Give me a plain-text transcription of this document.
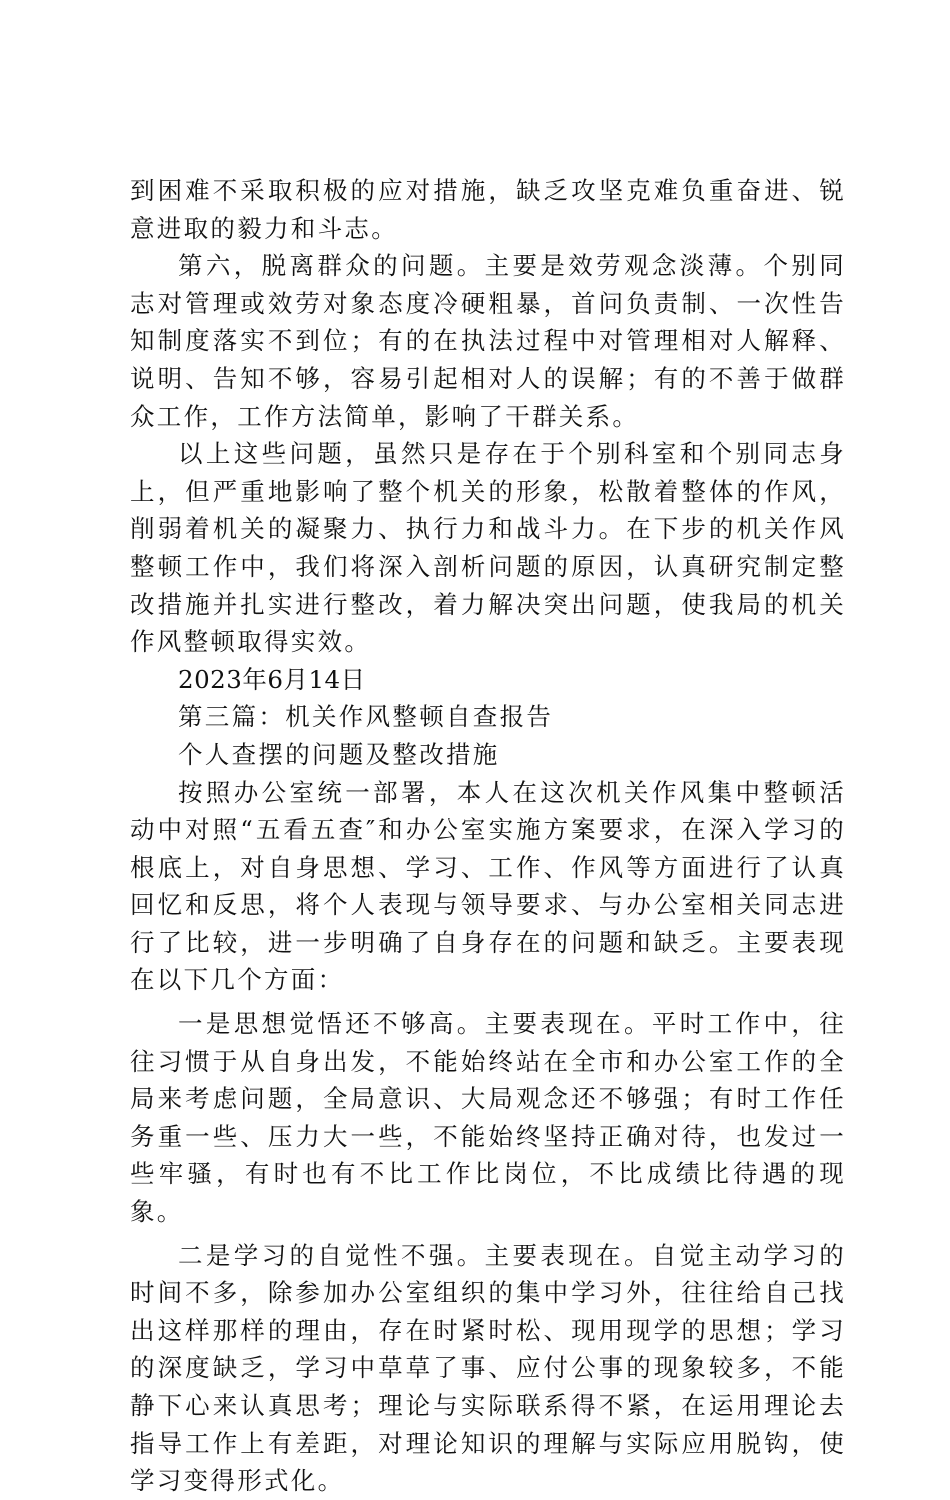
到困难不采取积极的应对措施，缺乏攻坚克难负重奋进、锐意进取的毅力和斗志。

第六，脱离群众的问题。主要是效劳观念淡薄。个别同志对管理或效劳对象态度冷硬粗暴，首问负责制、一次性告知制度落实不到位；有的在执法过程中对管理相对人解释、说明、告知不够，容易引起相对人的误解；有的不善于做群众工作，工作方法简单，影响了干群关系。

以上这些问题，虽然只是存在于个别科室和个别同志身上，但严重地影响了整个机关的形象，松散着整体的作风，削弱着机关的凝聚力、执行力和战斗力。在下步的机关作风整顿工作中，我们将深入剖析问题的原因，认真研究制定整改措施并扎实进行整改，着力解决突出问题，使我局的机关作风整顿取得实效。

2023年6月14日

第三篇：机关作风整顿自查报告

个人查摆的问题及整改措施

按照办公室统一部署，本人在这次机关作风集中整顿活动中对照“五看五查″和办公室实施方案要求，在深入学习的根底上，对自身思想、学习、工作、作风等方面进行了认真回忆和反思，将个人表现与领导要求、与办公室相关同志进行了比较，进一步明确了自身存在的问题和缺乏。主要表现在以下几个方面：

一是思想觉悟还不够高。主要表现在。平时工作中，往往习惯于从自身出发，不能始终站在全市和办公室工作的全局来考虑问题，全局意识、大局观念还不够强；有时工作任务重一些、压力大一些，不能始终坚持正确对待，也发过一些牢骚，有时也有不比工作比岗位，不比成绩比待遇的现象。

二是学习的自觉性不强。主要表现在。自觉主动学习的时间不多，除参加办公室组织的集中学习外，往往给自己找出这样那样的理由，存在时紧时松、现用现学的思想；学习的深度缺乏，学习中草草了事、应付公事的现象较多，不能静下心来认真思考；理论与实际联系得不紧，在运用理论去指导工作上有差距，对理论知识的理解与实际应用脱钩，使学习变得形式化。
